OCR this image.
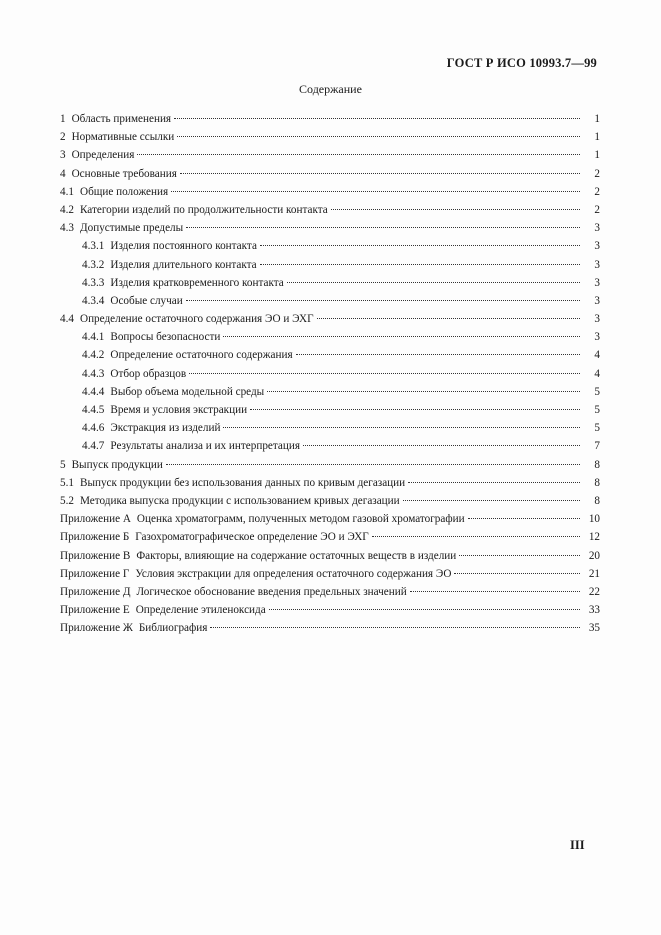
ГОСТ Р ИСО 10993.7—99
Содержание
1 Область применения	1
2 Нормативные ссылки	1
3 Определения	1
4 Основные требования	2
4.1 Общие положения	2
4.2 Категории изделий по продолжительности контакта	2
4.3 Допустимые пределы	3
4.3.1 Изделия постоянного контакта	3
4.3.2 Изделия длительного контакта	3
4.3.3 Изделия кратковременного контакта	3
4.3.4 Особые случаи	3
4.4 Определение остаточного содержания ЭО и ЭХГ	3
4.4.1 Вопросы безопасности	3
4.4.2 Определение остаточного содержания	4
4.4.3 Отбор образцов	4
4.4.4 Выбор объема модельной среды	5
4.4.5 Время и условия экстракции	5
4.4.6 Экстракция из изделий	5
4.4.7 Результаты анализа и их интерпретация	7
5 Выпуск продукции	8
5.1 Выпуск продукции без использования данных по кривым дегазации	8
5.2 Методика выпуска продукции с использованием кривых дегазации	8
Приложение А Оценка хроматограмм, полученных методом газовой хроматографии	10
Приложение Б Газохроматографическое определение ЭО и ЭХГ	12
Приложение В Факторы, влияющие на содержание остаточных веществ в изделии	20
Приложение Г Условия экстракции для определения остаточного содержания ЭО	21
Приложение Д Логическое обоснование введения предельных значений	22
Приложение Е Определение этиленоксида	33
Приложение Ж Библиография	35
III
